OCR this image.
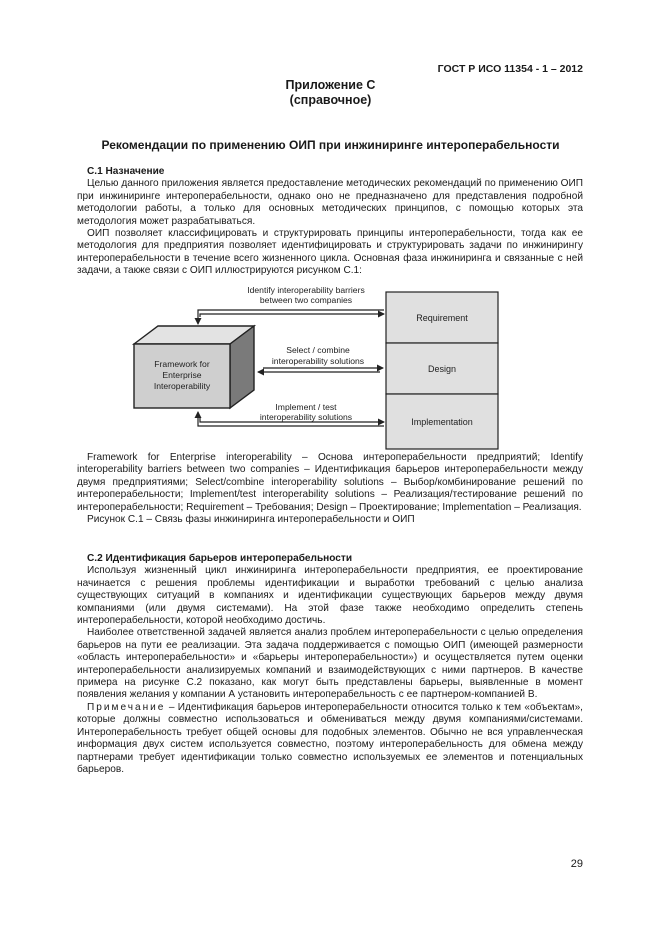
ГОСТ Р ИСО 11354 - 1 – 2012
Приложение С
(справочное)
Рекомендации по применению ОИП при инжиниринге интероперабельности
С.1 Назначение

Целью данного приложения является предоставление методических рекомендаций по применению ОИП при инжиниринге интероперабельности, однако оно не предназначено для представления подробной методологии работы, а только для основных методических принципов, с помощью которых эта методология может разрабатываться.

ОИП позволяет классифицировать и структурировать принципы интероперабельности, тогда как ее методология для предприятия позволяет идентифицировать и структурировать задачи по инжинирингу интероперабельности в течение всего жизненного цикла. Основная фаза инжиниринга и связанные с ней задачи, а также связи с ОИП иллюстрируются рисунком С.1:

Framework for
Enterprise
Interoperability
Requirement
Design
Implementation
Identify interoperability barriers
between two companies
Select / combine
interoperability solutions
Implement / test
interoperability solutions

Framework for Enterprise interoperability – Основа интероперабельности предприятий; Identify interoperability barriers between two companies – Идентификация барьеров интероперабельности между двумя предприятиями; Select/combine interoperability solutions – Выбор/комбинирование решений по интероперабельности; Implement/test interoperability solutions – Реализация/тестирование решений по интероперабельности; Requirement – Требования; Design – Проектирование; Implementation – Реализация.

Рисунок С.1 – Связь фазы инжиниринга интероперабельности и ОИП

С.2 Идентификация барьеров интероперабельности

Используя жизненный цикл инжиниринга интероперабельности предприятия, ее проектирование начинается с решения проблемы идентификации и выработки требований с целью анализа существующих ситуаций в компаниях и идентификации существующих барьеров между двумя компаниями (или двумя системами). На этой фазе также необходимо определить степень интероперабельности, которой необходимо достичь.

Наиболее ответственной задачей является анализ проблем интероперабельности с целью определения барьеров на пути ее реализации. Эта задача поддерживается с помощью ОИП (имеющей размерности «область интероперабельности» и «барьеры интероперабельности») и осуществляется путем оценки интероперабельности анализируемых компаний и взаимодействующих с ними партнеров. В качестве примера на рисунке С.2 показано, как могут быть представлены барьеры, выявленные в момент появления желания у компании А установить интероперабельность с ее партнером-компанией В.

Примечание – Идентификация барьеров интероперабельности относится только к тем «объектам», которые должны совместно использоваться и обмениваться между двумя компаниями/системами. Интероперабельность требует общей основы для подобных элементов. Обычно не вся управленческая информация двух систем используется совместно, поэтому интероперабельность для обмена между партнерами требует идентификации только совместно используемых ее элементов и потенциальных барьеров.

29
